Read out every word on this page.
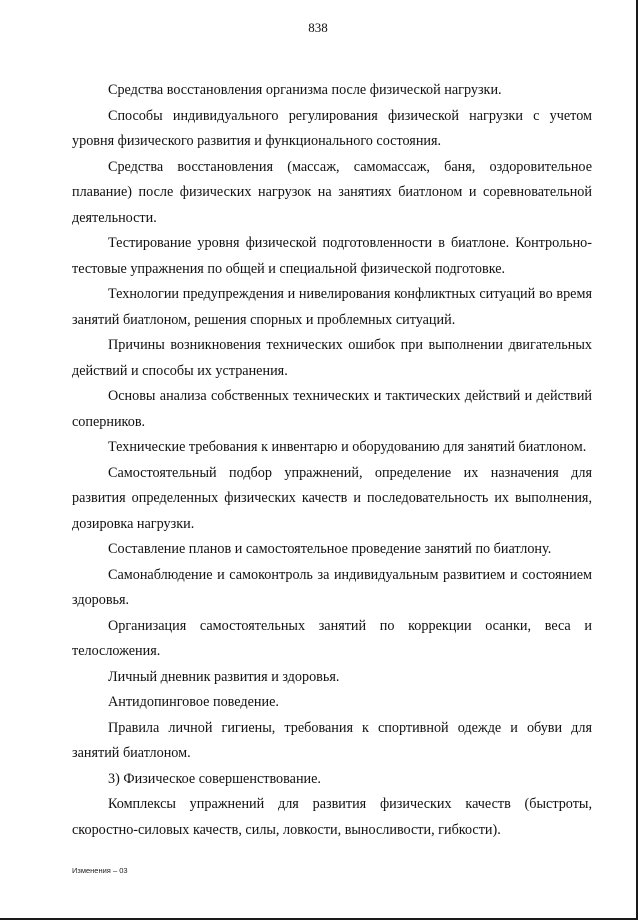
838

Средства восстановления организма после физической нагрузки.

Способы индивидуального регулирования физической нагрузки с учетом уровня физического развития и функционального состояния.

Средства восстановления (массаж, самомассаж, баня, оздоровительное плавание) после физических нагрузок на занятиях биатлоном и соревновательной деятельности.

Тестирование уровня физической подготовленности в биатлоне. Контрольно-тестовые упражнения по общей и специальной физической подготовке.

Технологии предупреждения и нивелирования конфликтных ситуаций во время занятий биатлоном, решения спорных и проблемных ситуаций.

Причины возникновения технических ошибок при выполнении двигательных действий и способы их устранения.

Основы анализа собственных технических и тактических действий и действий соперников.

Технические требования к инвентарю и оборудованию для занятий биатлоном.

Самостоятельный подбор упражнений, определение их назначения для развития определенных физических качеств и последовательность их выполнения, дозировка нагрузки.

Составление планов и самостоятельное проведение занятий по биатлону.

Самонаблюдение и самоконтроль за индивидуальным развитием и состоянием здоровья.

Организация самостоятельных занятий по коррекции осанки, веса и телосложения.

Личный дневник развития и здоровья.

Антидопинговое поведение.

Правила личной гигиены, требования к спортивной одежде и обуви для занятий биатлоном.

3) Физическое совершенствование.

Комплексы упражнений для развития физических качеств (быстроты, скоростно-силовых качеств, силы, ловкости, выносливости, гибкости).

Изменения – 03
